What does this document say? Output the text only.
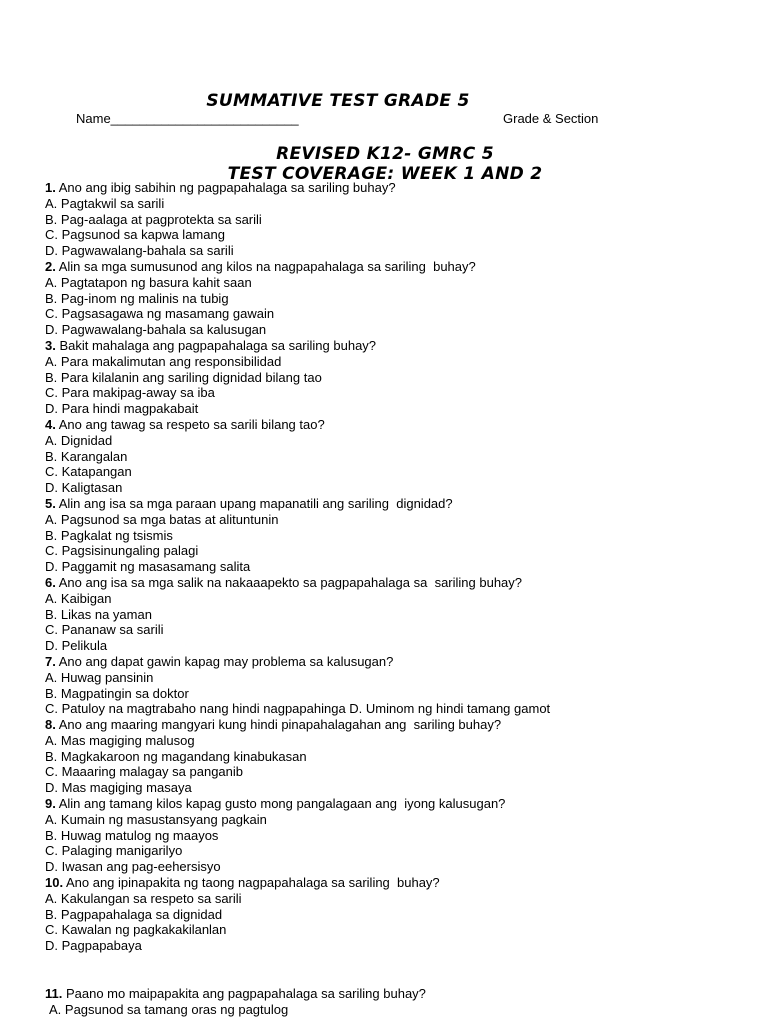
SUMMATIVE TEST GRADE 5
Name__________________________	Grade & Section
REVISED K12- GMRC 5
TEST COVERAGE: WEEK 1 AND 2
1. Ano ang ibig sabihin ng pagpapahalaga sa sariling buhay?
A. Pagtakwil sa sarili
B. Pag-aalaga at pagprotekta sa sarili
C. Pagsunod sa kapwa lamang
D. Pagwawalang-bahala sa sarili
2. Alin sa mga sumusunod ang kilos na nagpapahalaga sa sariling  buhay?
A. Pagtatapon ng basura kahit saan
B. Pag-inom ng malinis na tubig
C. Pagsasagawa ng masamang gawain
D. Pagwawalang-bahala sa kalusugan
3. Bakit mahalaga ang pagpapahalaga sa sariling buhay?
A. Para makalimutan ang responsibilidad
B. Para kilalanin ang sariling dignidad bilang tao
C. Para makipag-away sa iba
D. Para hindi magpakabait
4. Ano ang tawag sa respeto sa sarili bilang tao?
A. Dignidad
B. Karangalan
C. Katapangan
D. Kaligtasan
5. Alin ang isa sa mga paraan upang mapanatili ang sariling  dignidad?
A. Pagsunod sa mga batas at alituntunin
B. Pagkalat ng tsismis
C. Pagsisinungaling palagi
D. Paggamit ng masasamang salita
6. Ano ang isa sa mga salik na nakaaapekto sa pagpapahalaga sa  sariling buhay?
A. Kaibigan
B. Likas na yaman
C. Pananaw sa sarili
D. Pelikula
7. Ano ang dapat gawin kapag may problema sa kalusugan?
A. Huwag pansinin
B. Magpatingin sa doktor
C. Patuloy na magtrabaho nang hindi nagpapahinga D. Uminom ng hindi tamang gamot
8. Ano ang maaring mangyari kung hindi pinapahalagahan ang  sariling buhay?
A. Mas magiging malusog
B. Magkakaroon ng magandang kinabukasan
C. Maaaring malagay sa panganib
D. Mas magiging masaya
9. Alin ang tamang kilos kapag gusto mong pangalagaan ang  iyong kalusugan?
A. Kumain ng masustansyang pagkain
B. Huwag matulog ng maayos
C. Palaging manigarilyo
D. Iwasan ang pag-eehersisyo
10. Ano ang ipinapakita ng taong nagpapahalaga sa sariling  buhay?
A. Kakulangan sa respeto sa sarili
B. Pagpapahalaga sa dignidad
C. Kawalan ng pagkakakilanlan
D. Pagpapabaya
11. Paano mo maipapakita ang pagpapahalaga sa sariling buhay?
A. Pagsunod sa tamang oras ng pagtulog
